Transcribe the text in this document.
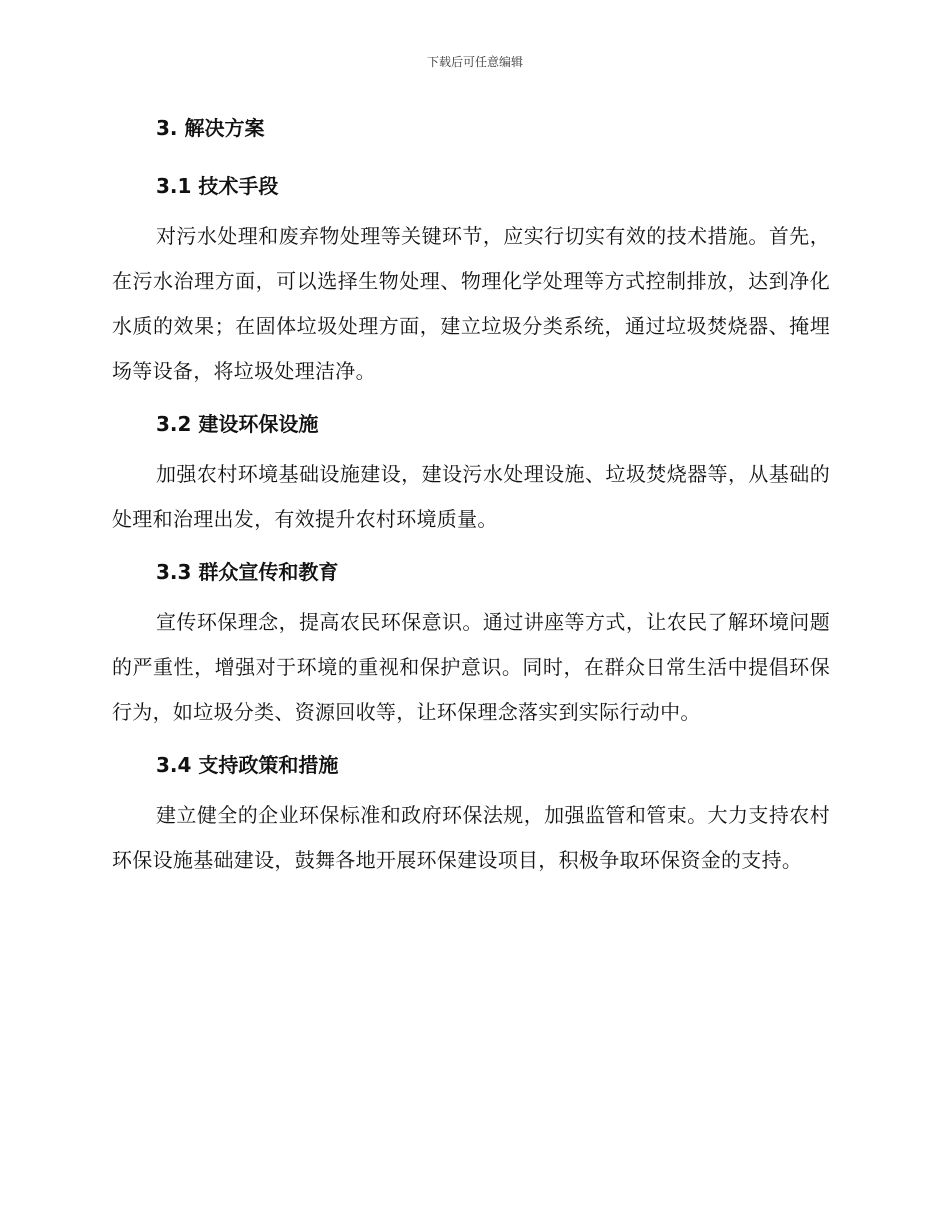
下载后可任意编辑
3. 解决方案
3.1 技术手段

对污水处理和废弃物处理等关键环节，应实行切实有效的技术措施。首先，在污水治理方面，可以选择生物处理、物理化学处理等方式控制排放，达到净化水质的效果；在固体垃圾处理方面，建立垃圾分类系统，通过垃圾焚烧器、掩埋场等设备，将垃圾处理洁净。

3.2 建设环保设施

加强农村环境基础设施建设，建设污水处理设施、垃圾焚烧器等，从基础的处理和治理出发，有效提升农村环境质量。

3.3 群众宣传和教育

宣传环保理念，提高农民环保意识。通过讲座等方式，让农民了解环境问题的严重性，增强对于环境的重视和保护意识。同时，在群众日常生活中提倡环保行为，如垃圾分类、资源回收等，让环保理念落实到实际行动中。

3.4 支持政策和措施

建立健全的企业环保标准和政府环保法规，加强监管和管束。大力支持农村环保设施基础建设，鼓舞各地开展环保建设项目，积极争取环保资金的支持。
